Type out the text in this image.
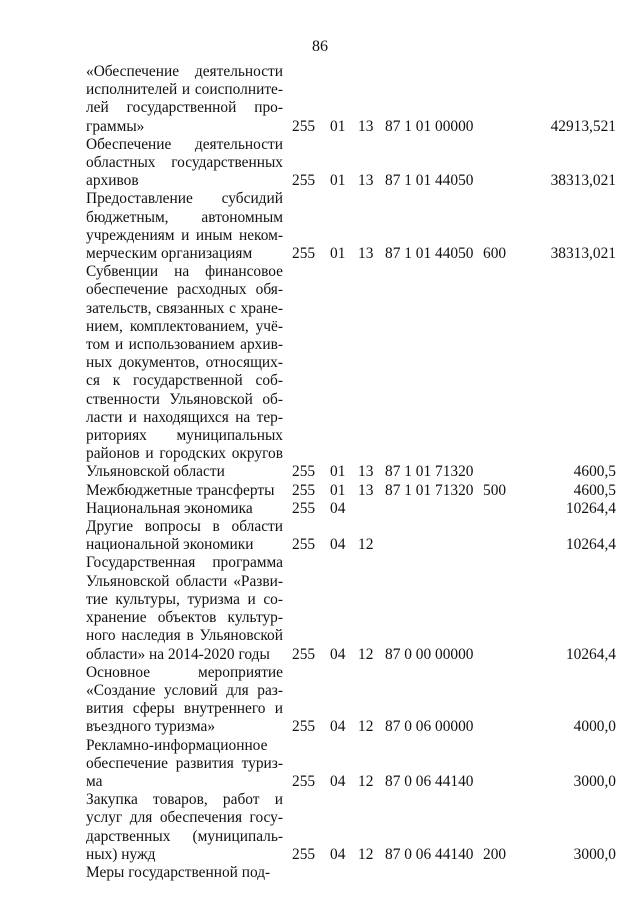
86
«Обеспечение деятельности
исполнителей и соисполните-
лей государственной про-
граммы»	255 01 13 87 1 01 00000	42913,521
Обеспечение деятельности
областных государственных
архивов	255 01 13 87 1 01 44050	38313,021
Предоставление субсидий
бюджетным, автономным
учреждениям и иным неком-
мерческим организациям	255 01 13 87 1 01 44050 600	38313,021
Субвенции на финансовое
обеспечение расходных обя-
зательств, связанных с хране-
нием, комплектованием, учё-
том и использованием архив-
ных документов, относящих-
ся к государственной соб-
ственности Ульяновской об-
ласти и находящихся на тер-
риториях муниципальных
районов и городских округов
Ульяновской области	255 01 13 87 1 01 71320	4600,5
Межбюджетные трансферты	255 01 13 87 1 01 71320 500	4600,5
Национальная экономика	255 04	10264,4
Другие вопросы в области
национальной экономики	255 04 12	10264,4
Государственная программа
Ульяновской области «Разви-
тие культуры, туризма и со-
хранение объектов культур-
ного наследия в Ульяновской
области» на 2014-2020 годы	255 04 12 87 0 00 00000	10264,4
Основное мероприятие
«Создание условий для раз-
вития сферы внутреннего и
въездного туризма»	255 04 12 87 0 06 00000	4000,0
Рекламно-информационное
обеспечение развития туриз-
ма	255 04 12 87 0 06 44140	3000,0
Закупка товаров, работ и
услуг для обеспечения госу-
дарственных (муниципаль-
ных) нужд	255 04 12 87 0 06 44140 200	3000,0
Меры государственной под-
